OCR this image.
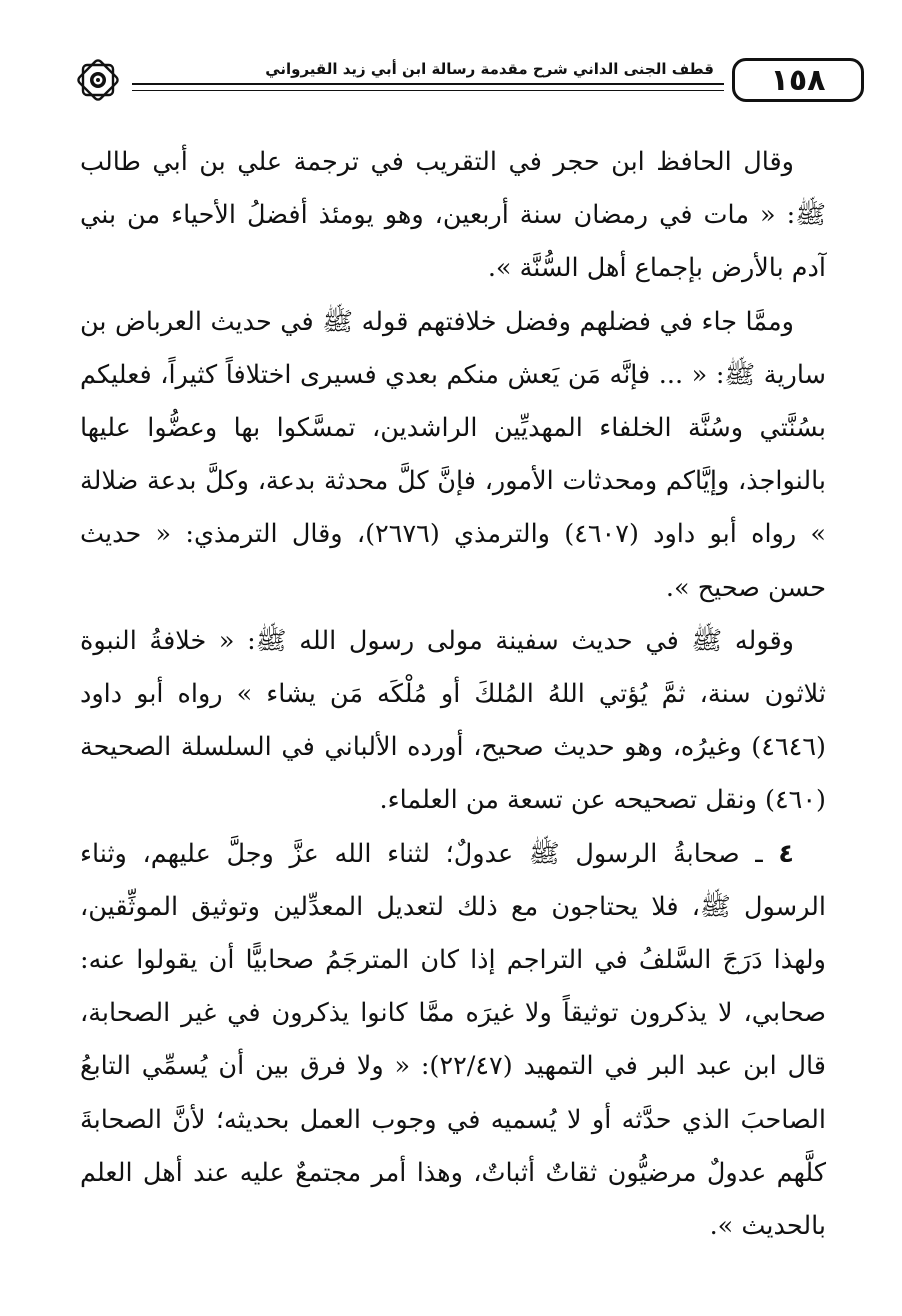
قطف الجنى الداني شرح مقدمة رسالة ابن أبي زيد القيرواني ١٥٨

وقال الحافظ ابن حجر في التقريب في ترجمة علي بن أبي طالب ﷺ: « مات في رمضان سنة أربعين، وهو يومئذ أفضلُ الأحياء من بني آدم بالأرض بإجماع أهل السُّنَّة ».

وممَّا جاء في فضلهم وفضل خلافتهم قوله ﷺ في حديث العرباض بن سارية ﷺ: « ... فإنَّه مَن يَعش منكم بعدي فسيرى اختلافاً كثيراً، فعليكم بسُنَّتي وسُنَّة الخلفاء المهديِّين الراشدين، تمسَّكوا بها وعضُّوا عليها بالنواجذ، وإيَّاكم ومحدثات الأمور، فإنَّ كلَّ محدثة بدعة، وكلَّ بدعة ضلالة » رواه أبو داود (٤٦٠٧) والترمذي (٢٦٧٦)، وقال الترمذي: « حديث حسن صحيح ».

وقوله ﷺ في حديث سفينة مولى رسول الله ﷺ: « خلافةُ النبوة ثلاثون سنة، ثمَّ يُؤتي اللهُ المُلكَ أو مُلْكَه مَن يشاء » رواه أبو داود (٤٦٤٦) وغيرُه، وهو حديث صحيح، أورده الألباني في السلسلة الصحيحة (٤٦٠) ونقل تصحيحه عن تسعة من العلماء.

٤ ـ صحابةُ الرسول ﷺ عدولٌ؛ لثناء الله عزَّ وجلَّ عليهم، وثناء الرسول ﷺ، فلا يحتاجون مع ذلك لتعديل المعدِّلين وتوثيق الموثِّقين، ولهذا دَرَجَ السَّلفُ في التراجم إذا كان المترجَمُ صحابيًّا أن يقولوا عنه: صحابي، لا يذكرون توثيقاً ولا غيرَه ممَّا كانوا يذكرون في غير الصحابة، قال ابن عبد البر في التمهيد (٢٢/٤٧): « ولا فرق بين أن يُسمِّي التابعُ الصاحبَ الذي حدَّثه أو لا يُسميه في وجوب العمل بحديثه؛ لأنَّ الصحابةَ كلَّهم عدولٌ مرضيُّون ثقاتٌ أثباتٌ، وهذا أمر مجتمعٌ عليه عند أهل العلم بالحديث ».
